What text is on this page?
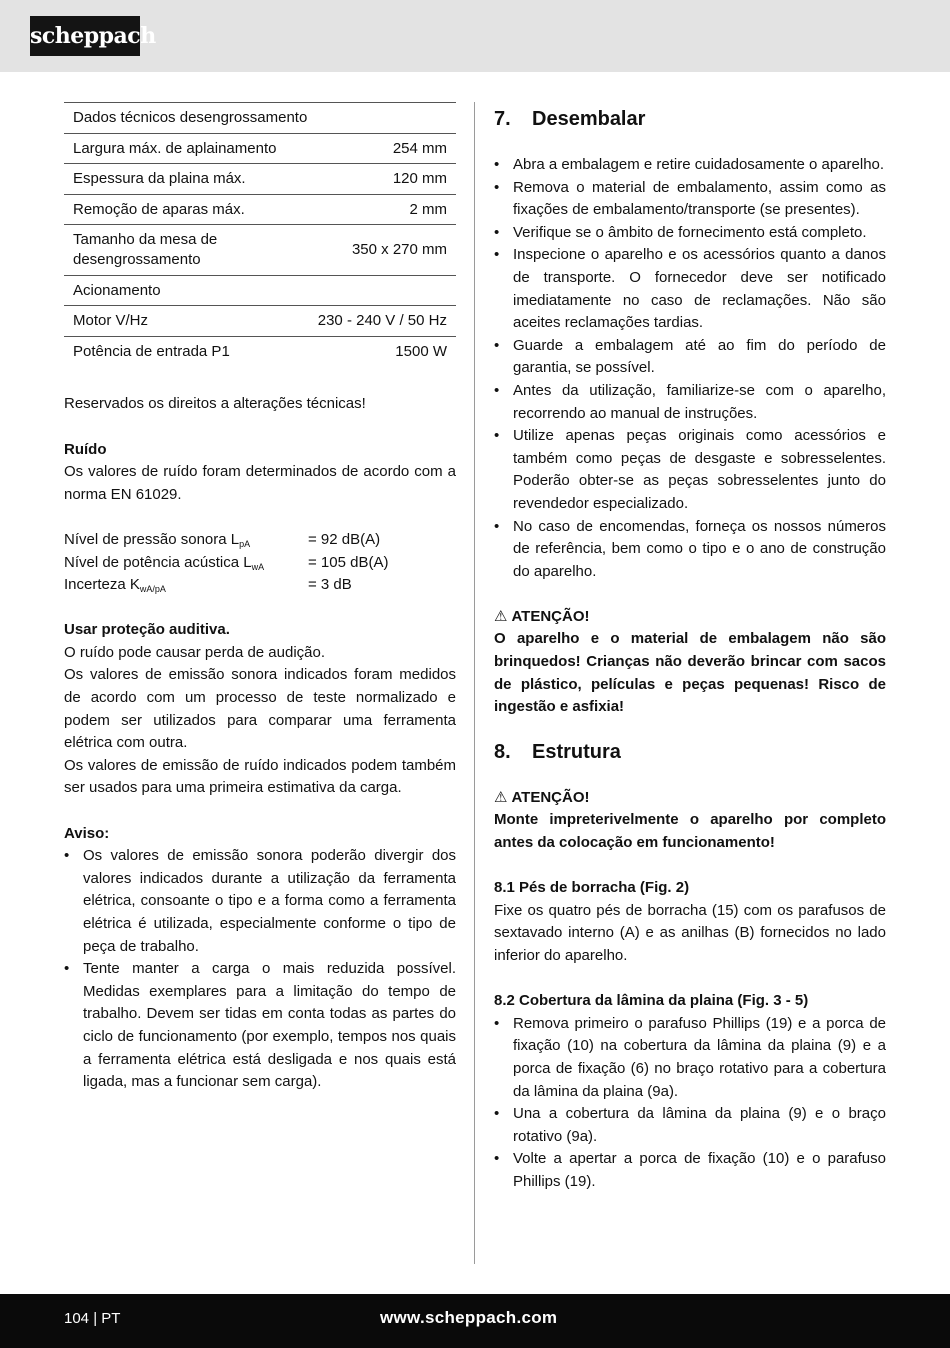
scheppach
Dados técnicos desengrossamento	
Largura máx. de aplainamento	254 mm
Espessura da plaina máx.	120 mm
Remoção de aparas máx.	2 mm
Tamanho da mesa de desengrossamento	350 x 270 mm
Acionamento	
Motor V/Hz	230 - 240 V / 50 Hz
Potência de entrada P1	1500 W

Reservados os direitos a alterações técnicas!

Ruído

Os valores de ruído foram determinados de acordo com a norma EN 61029.

Nível de pressão sonora $L_{pA}$	= 92 dB(A)
Nível de potência acústica $L_{wA}$	= 105 dB(A)
Incerteza $K_{wA/pA}$	= 3 dB

Usar proteção auditiva.

O ruído pode causar perda de audição.

Os valores de emissão sonora indicados foram medidos de acordo com um processo de teste normalizado e podem ser utilizados para comparar uma ferramenta elétrica com outra.

Os valores de emissão de ruído indicados podem também ser usados para uma primeira estimativa da carga.

Aviso:

• Os valores de emissão sonora poderão divergir dos valores indicados durante a utilização da ferramenta elétrica, consoante o tipo e a forma como a ferramenta elétrica é utilizada, especialmente conforme o tipo de peça de trabalho.
• Tente manter a carga o mais reduzida possível. Medidas exemplares para a limitação do tempo de trabalho. Devem ser tidas em conta todas as partes do ciclo de funcionamento (por exemplo, tempos nos quais a ferramenta elétrica está desligada e nos quais está ligada, mas a funcionar sem carga).
7. Desembalar
• Abra a embalagem e retire cuidadosamente o aparelho.
• Remova o material de embalamento, assim como as fixações de embalamento/transporte (se presentes).
• Verifique se o âmbito de fornecimento está completo.
• Inspecione o aparelho e os acessórios quanto a danos de transporte. O fornecedor deve ser notificado imediatamente no caso de reclamações. Não são aceites reclamações tardias.
• Guarde a embalagem até ao fim do período de garantia, se possível.
• Antes da utilização, familiarize-se com o aparelho, recorrendo ao manual de instruções.
• Utilize apenas peças originais como acessórios e também como peças de desgaste e sobresselentes. Poderão obter-se as peças sobresselentes junto do revendedor especializado.
• No caso de encomendas, forneça os nossos números de referência, bem como o tipo e o ano de construção do aparelho.

⚠ ATENÇÃO!

O aparelho e o material de embalagem não são brinquedos! Crianças não deverão brincar com sacos de plástico, películas e peças pequenas! Risco de ingestão e asfixia!

8. Estrutura

⚠ ATENÇÃO!

Monte impreterivelmente o aparelho por completo antes da colocação em funcionamento!

8.1 Pés de borracha (Fig. 2)

Fixe os quatro pés de borracha (15) com os parafusos de sextavado interno (A) e as anilhas (B) fornecidos no lado inferior do aparelho.

8.2 Cobertura da lâmina da plaina (Fig. 3 - 5)

• Remova primeiro o parafuso Phillips (19) e a porca de fixação (10) na cobertura da lâmina da plaina (9) e a porca de fixação (6) no braço rotativo para a cobertura da lâmina da plaina (9a).
• Una a cobertura da lâmina da plaina (9) e o braço rotativo (9a).
• Volte a apertar a porca de fixação (10) e o parafuso Phillips (19).
104 | PT	www.scheppach.com
